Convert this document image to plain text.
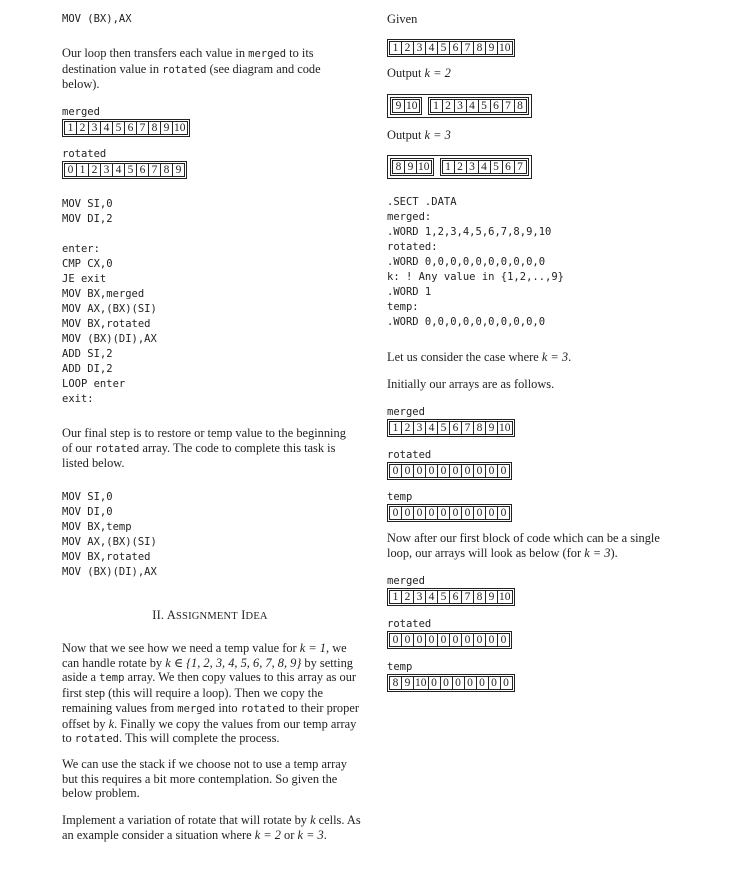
MOV (BX),AX
Our loop then transfers each value in merged to its destination value in rotated (see diagram and code below).
merged
1 2 3 4 5 6 7 8 9 10
rotated
0 1 2 3 4 5 6 7 8 9
MOV SI,0
MOV DI,2
enter:
CMP CX,0
JE exit
MOV BX,merged
MOV AX,(BX)(SI)
MOV BX,rotated
MOV (BX)(DI),AX
ADD SI,2
ADD DI,2
LOOP enter
exit:
Our final step is to restore or temp value to the beginning of our rotated array. The code to complete this task is listed below.
MOV SI,0
MOV DI,0
MOV BX,temp
MOV AX,(BX)(SI)
MOV BX,rotated
MOV (BX)(DI),AX
II. ASSIGNMENT IDEA
Now that we see how we need a temp value for k = 1, we can handle rotate by k ∈ {1, 2, 3, 4, 5, 6, 7, 8, 9} by setting aside a temp array. We then copy values to this array as our first step (this will require a loop). Then we copy the remaining values from merged into rotated to their proper offset by k. Finally we copy the values from our temp array to rotated. This will complete the process.
We can use the stack if we choose not to use a temp array but this requires a bit more contemplation. So given the below problem.
Implement a variation of rotate that will rotate by k cells. As an example consider a situation where k = 2 or k = 3.
Given
1 2 3 4 5 6 7 8 9 10
Output k = 2
9 10	1 2 3 4 5 6 7 8
Output k = 3
8 9 10	1 2 3 4 5 6 7
.SECT .DATA
merged:
.WORD 1,2,3,4,5,6,7,8,9,10
rotated:
.WORD 0,0,0,0,0,0,0,0,0,0
k: ! Any value in {1,2,..,9}
.WORD 1
temp:
.WORD 0,0,0,0,0,0,0,0,0,0
Let us consider the case where k = 3.
Initially our arrays are as follows.
merged
1 2 3 4 5 6 7 8 9 10
rotated
0 0 0 0 0 0 0 0 0 0
temp
0 0 0 0 0 0 0 0 0 0
Now after our first block of code which can be a single loop, our arrays will look as below (for k = 3).
merged
1 2 3 4 5 6 7 8 9 10
rotated
0 0 0 0 0 0 0 0 0 0
temp
8 9 10 0 0 0 0 0 0 0
